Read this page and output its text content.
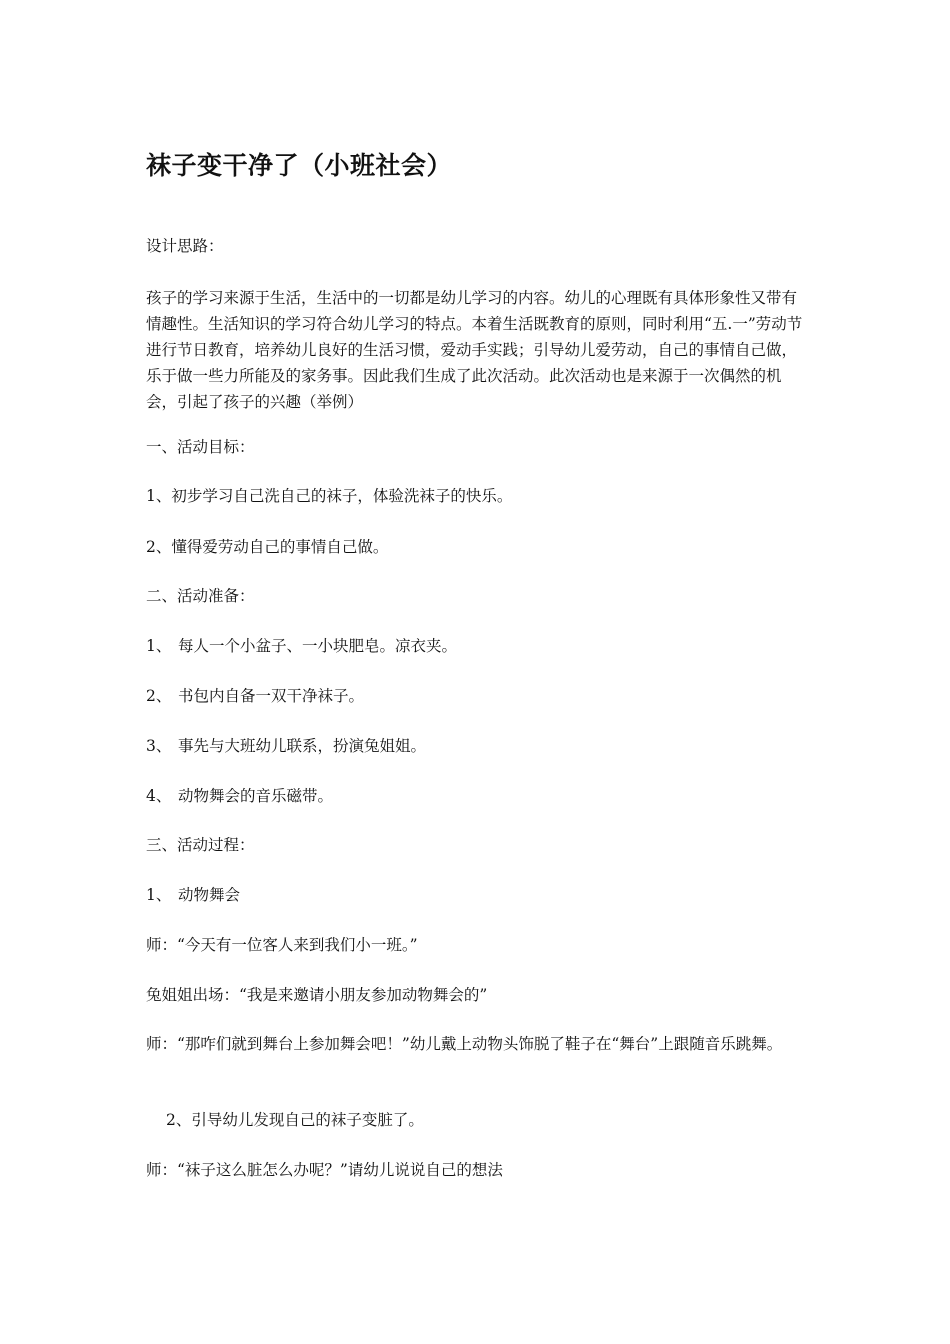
袜子变干净了（小班社会）

设计思路：

孩子的学习来源于生活，生活中的一切都是幼儿学习的内容。幼儿的心理既有具体形象性又带有情趣性。生活知识的学习符合幼儿学习的特点。本着生活既教育的原则，同时利用“五.一”劳动节进行节日教育，培养幼儿良好的生活习惯，爱动手实践；引导幼儿爱劳动，自己的事情自己做，乐于做一些力所能及的家务事。因此我们生成了此次活动。此次活动也是来源于一次偶然的机会，引起了孩子的兴趣（举例）

一、活动目标：

1、初步学习自己洗自己的袜子，体验洗袜子的快乐。

2、懂得爱劳动自己的事情自己做。

二、活动准备：

1、 每人一个小盆子、一小块肥皂。凉衣夹。

2、 书包内自备一双干净袜子。

3、 事先与大班幼儿联系，扮演兔姐姐。

4、 动物舞会的音乐磁带。

三、活动过程：

1、 动物舞会

师：“今天有一位客人来到我们小一班。”

兔姐姐出场：“我是来邀请小朋友参加动物舞会的”

师：“那咋们就到舞台上参加舞会吧！”幼儿戴上动物头饰脱了鞋子在“舞台”上跟随音乐跳舞。

2、引导幼儿发现自己的袜子变脏了。

师：“袜子这么脏怎么办呢？”请幼儿说说自己的想法
